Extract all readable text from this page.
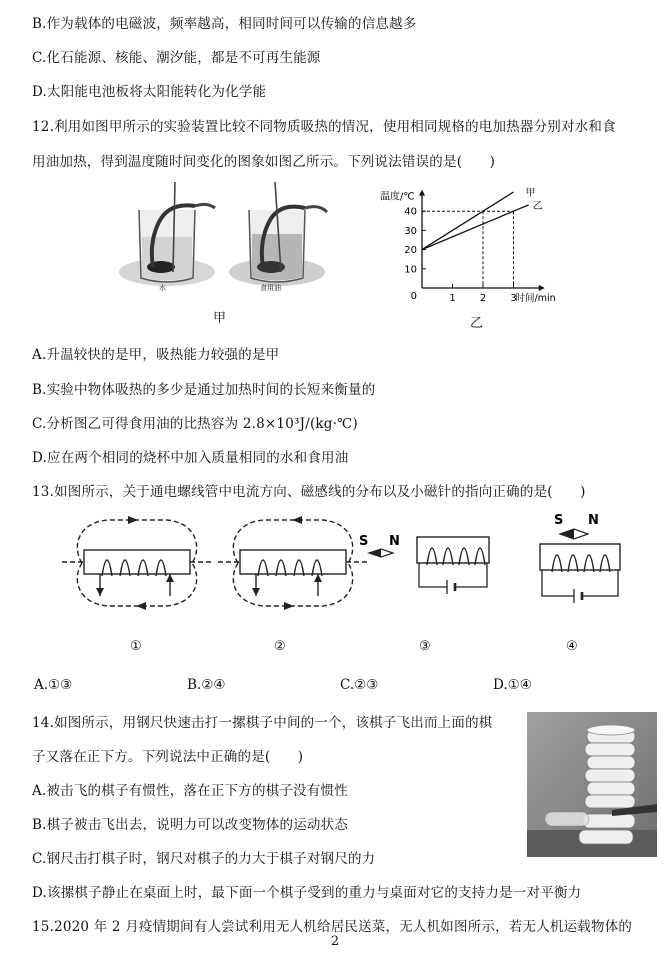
B.作为载体的电磁波，频率越高，相同时间可以传输的信息越多
C.化石能源、核能、潮汐能，都是不可再生能源
D.太阳能电池板将太阳能转化为化学能
12.利用如图甲所示的实验装置比较不同物质吸热的情况，使用相同规格的电加热器分别对水和食
用油加热，得到温度随时间变化的图象如图乙所示。下列说法错误的是(　　)
水	食用油
甲
40
30
20
10
1 2 3
0
甲
乙
温度/℃
时间/min
乙
A.升温较快的是甲，吸热能力较强的是甲
B.实验中物体吸热的多少是通过加热时间的长短来衡量的
C.分析图乙可得食用油的比热容为 2.8×10³J/(kg·℃)
D.应在两个相同的烧杯中加入质量相同的水和食用油
13.如图所示，关于通电螺线管中电流方向、磁感线的分布以及小磁针的指向正确的是(　　)
S N
S N
①	②	③	④
A.①③	B.②④	C.②③	D.①④
14.如图所示，用钢尺快速击打一摞棋子中间的一个，该棋子飞出而上面的棋
子又落在正下方。下列说法中正确的是(　　)
A.被击飞的棋子有惯性，落在正下方的棋子没有惯性
B.棋子被击飞出去，说明力可以改变物体的运动状态
C.钢尺击打棋子时，钢尺对棋子的力大于棋子对钢尺的力
D.该摞棋子静止在桌面上时，最下面一个棋子受到的重力与桌面对它的支持力是一对平衡力
15.2020 年 2 月疫情期间有人尝试利用无人机给居民送菜，无人机如图所示，若无人机运载物体的
2
